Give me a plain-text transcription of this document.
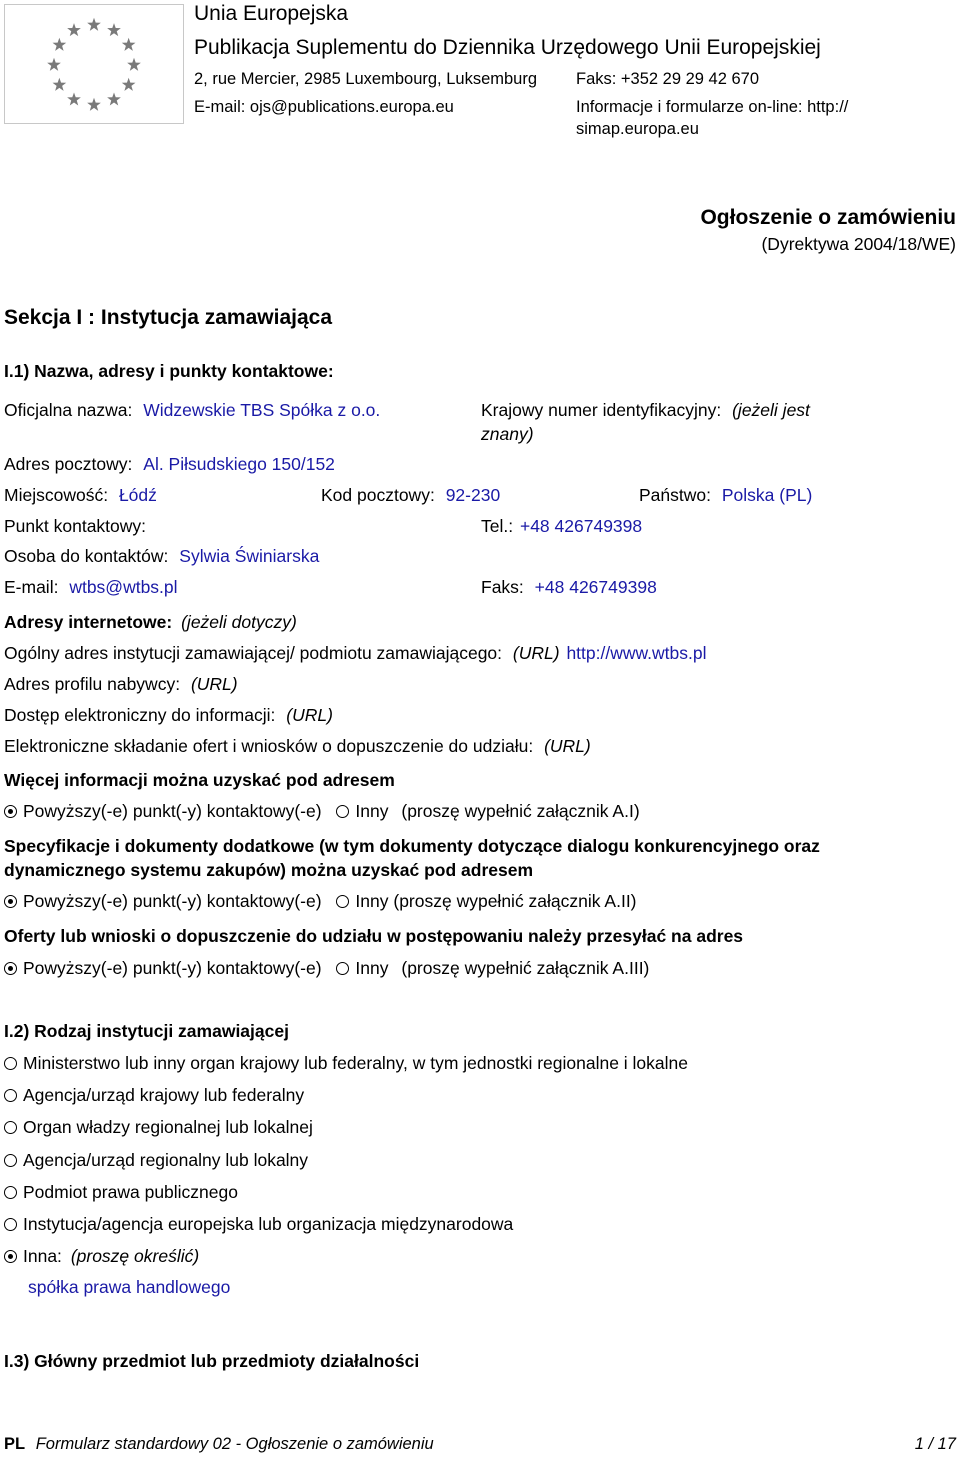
Unia Europejska
Publikacja Suplementu do Dziennika Urzędowego Unii Europejskiej
2, rue Mercier, 2985 Luxembourg, Luksemburg Faks: +352 29 29 42 670
E-mail: ojs@publications.europa.eu	Informacje i formularze on-line: http://
simap.europa.eu
Ogłoszenie o zamówieniu
(Dyrektywa 2004/18/WE)
Sekcja I : Instytucja zamawiająca
I.1) Nazwa, adresy i punkty kontaktowe:
Oficjalna nazwa: Widzewskie TBS Spółka z o.o.	Krajowy numer identyfikacyjny: (jeżeli jest
znany)
Adres pocztowy: Al. Piłsudskiego 150/152
Miejscowość: Łódź	Kod pocztowy: 92-230	Państwo: Polska (PL)
Punkt kontaktowy:	Tel.: +48 426749398
Osoba do kontaktów: Sylwia Świniarska
E-mail: wtbs@wtbs.pl	Faks: +48 426749398
Adresy internetowe: (jeżeli dotyczy)
Ogólny adres instytucji zamawiającej/ podmiotu zamawiającego: (URL) http://www.wtbs.pl
Adres profilu nabywcy: (URL)
Dostęp elektroniczny do informacji: (URL)
Elektroniczne składanie ofert i wniosków o dopuszczenie do udziału: (URL)
Więcej informacji można uzyskać pod adresem
Powyższy(-e) punkt(-y) kontaktowy(-e) Inny (proszę wypełnić załącznik A.I)
Specyfikacje i dokumenty dodatkowe (w tym dokumenty dotyczące dialogu konkurencyjnego oraz
dynamicznego systemu zakupów) można uzyskać pod adresem
Powyższy(-e) punkt(-y) kontaktowy(-e) Inny (proszę wypełnić załącznik A.II)
Oferty lub wnioski o dopuszczenie do udziału w postępowaniu należy przesyłać na adres
Powyższy(-e) punkt(-y) kontaktowy(-e) Inny (proszę wypełnić załącznik A.III)
I.2) Rodzaj instytucji zamawiającej
Ministerstwo lub inny organ krajowy lub federalny, w tym jednostki regionalne i lokalne
Agencja/urząd krajowy lub federalny
Organ władzy regionalnej lub lokalnej
Agencja/urząd regionalny lub lokalny
Podmiot prawa publicznego
Instytucja/agencja europejska lub organizacja międzynarodowa
Inna: (proszę określić)
spółka prawa handlowego
I.3) Główny przedmiot lub przedmioty działalności
PL Formularz standardowy 02 - Ogłoszenie o zamówieniu	1 / 17
